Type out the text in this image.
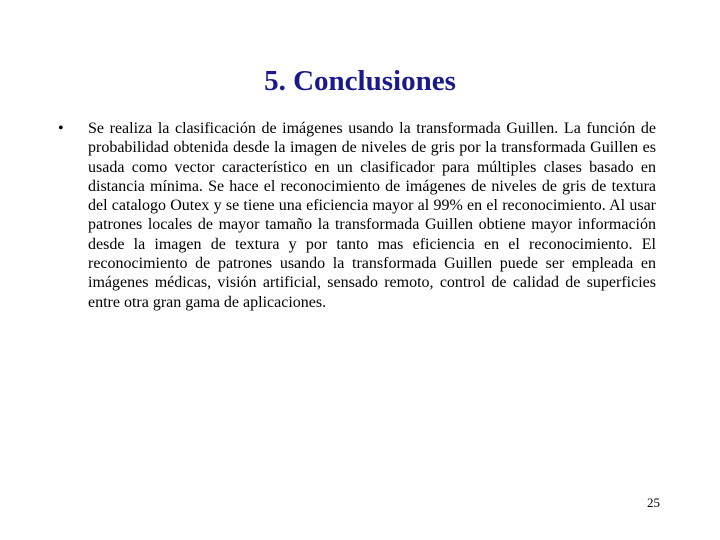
5. Conclusiones
• Se realiza la clasificación de imágenes usando la transformada Guillen. La función de probabilidad obtenida desde la imagen de niveles de gris por la transformada Guillen es usada como vector característico en un clasificador para múltiples clases basado en distancia mínima. Se hace el reconocimiento de imágenes de niveles de gris de textura del catalogo Outex y se tiene una eficiencia mayor al 99% en el reconocimiento. Al usar patrones locales de mayor tamaño la transformada Guillen obtiene mayor información desde la imagen de textura y por tanto mas eficiencia en el reconocimiento. El reconocimiento de patrones usando la transformada Guillen puede ser empleada en imágenes médicas, visión artificial, sensado remoto, control de calidad de superficies entre otra gran gama de aplicaciones.
25
